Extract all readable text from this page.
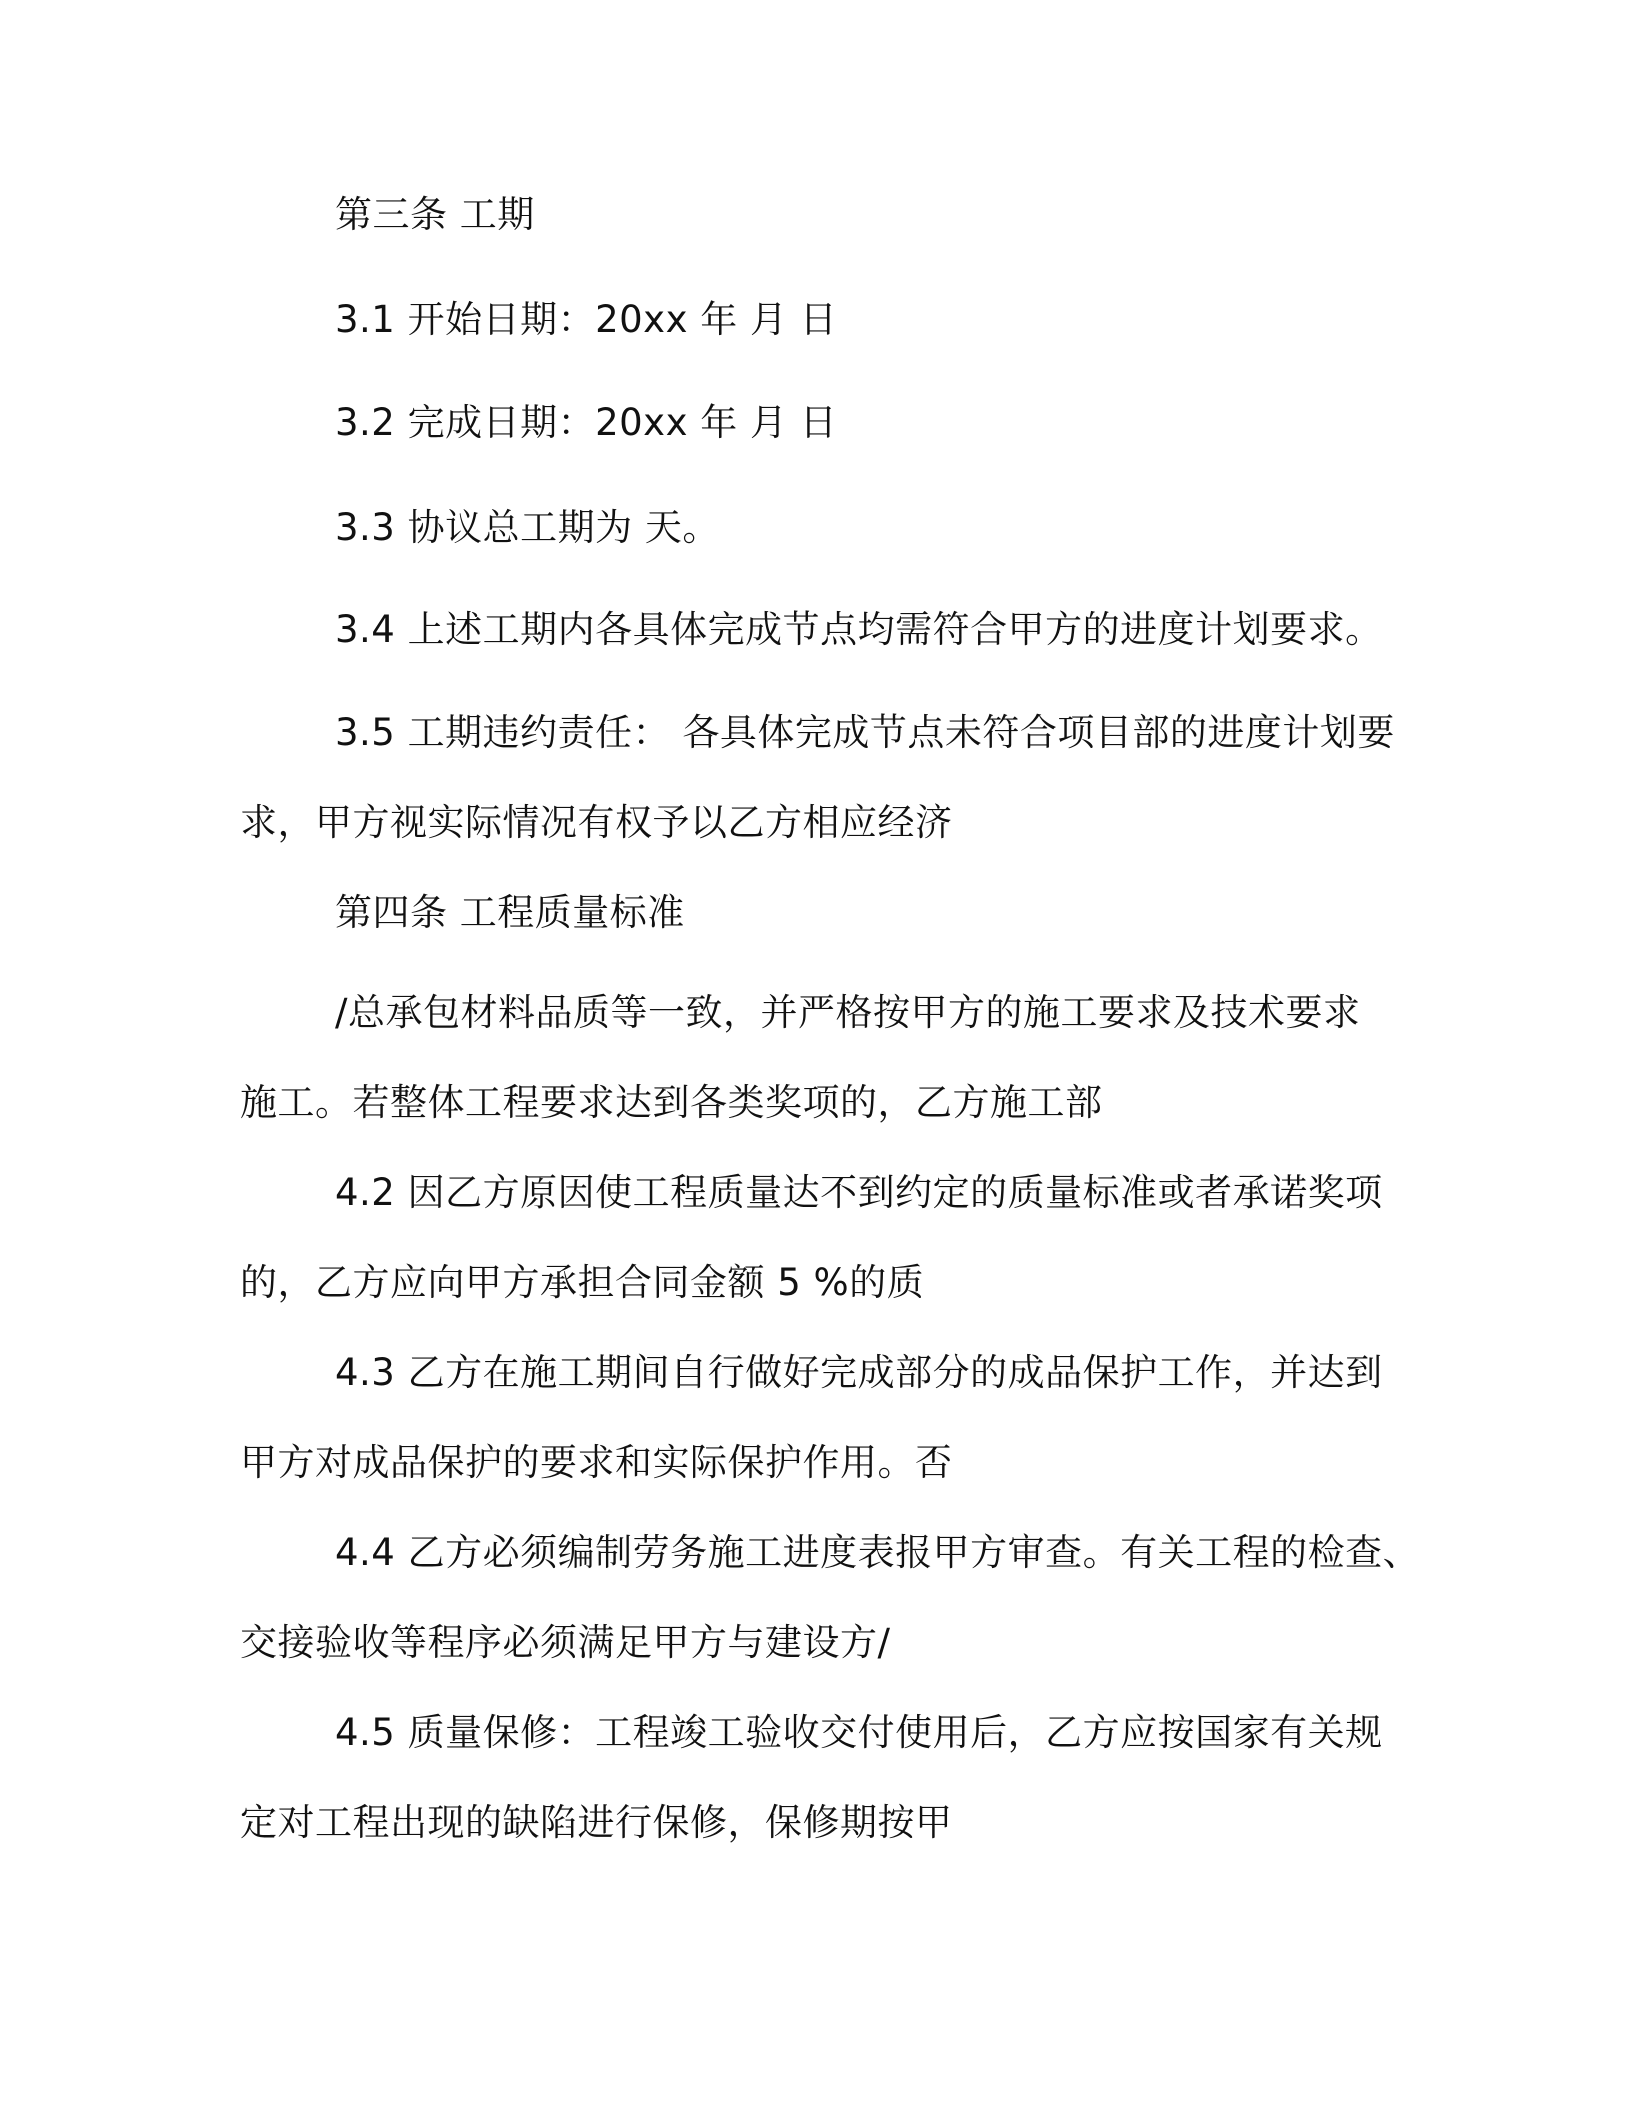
第三条 工期

3.1 开始日期：20xx 年 月 日

3.2 完成日期：20xx 年 月 日

3.3 协议总工期为 天。

3.4 上述工期内各具体完成节点均需符合甲方的进度计划要求。

3.5 工期违约责任： 各具体完成节点未符合项目部的进度计划要
求，甲方视实际情况有权予以乙方相应经济

第四条 工程质量标准

/总承包材料品质等一致，并严格按甲方的施工要求及技术要求
施工。若整体工程要求达到各类奖项的，乙方施工部

4.2 因乙方原因使工程质量达不到约定的质量标准或者承诺奖项
的，乙方应向甲方承担合同金额 5 %的质

4.3 乙方在施工期间自行做好完成部分的成品保护工作，并达到
甲方对成品保护的要求和实际保护作用。否

4.4 乙方必须编制劳务施工进度表报甲方审查。有关工程的检查、
交接验收等程序必须满足甲方与建设方/

4.5 质量保修：工程竣工验收交付使用后，乙方应按国家有关规
定对工程出现的缺陷进行保修，保修期按甲
